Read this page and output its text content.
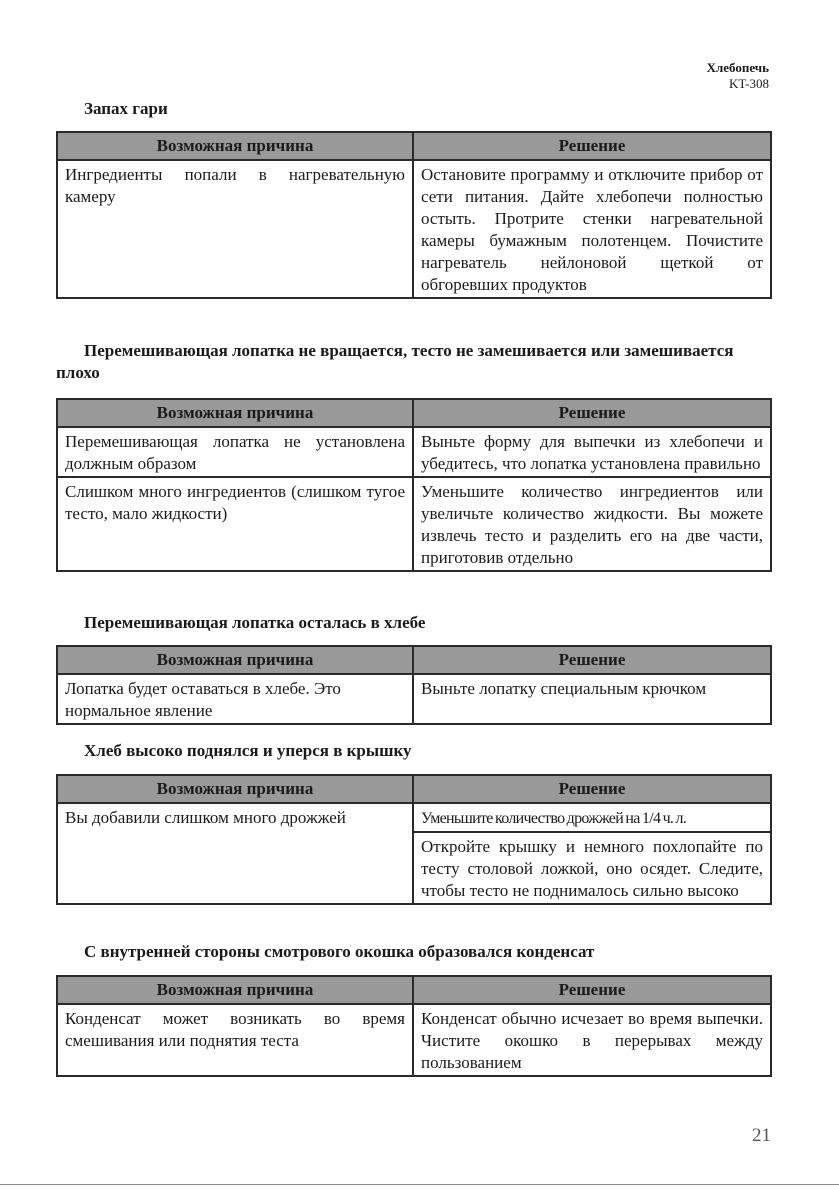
Хлебопечь
KT-308
Запах гари
Возможная причина	Решение
Ингредиенты попали в нагревательную камеру	Остановите программу и отключите прибор от сети питания. Дайте хлебопечи полностью остыть. Протрите стенки нагревательной камеры бумажным полотенцем. Почистите нагреватель нейлоновой щеткой от обгоревших продуктов
Перемешивающая лопатка не вращается, тесто не замешивается или замешивается плохо
Возможная причина	Решение
Перемешивающая лопатка не установлена должным образом	Выньте форму для выпечки из хлебопечи и убедитесь, что лопатка установлена правильно
Слишком много ингредиентов (слишком тугое тесто, мало жидкости)	Уменьшите количество ингредиентов или увеличьте количество жидкости. Вы можете извлечь тесто и разделить его на две части, приготовив отдельно
Перемешивающая лопатка осталась в хлебе
Возможная причина	Решение
Лопатка будет оставаться в хлебе. Это нормальное явление	Выньте лопатку специальным крючком
Хлеб высоко поднялся и уперся в крышку
Возможная причина	Решение
Вы добавили слишком много дрожжей	Уменьшите количество дрожжей на 1/4 ч. л.
	Откройте крышку и немного похлопайте по тесту столовой ложкой, оно осядет. Следите, чтобы тесто не поднималось сильно высоко
С внутренней стороны смотрового окошка образовался конденсат
Возможная причина	Решение
Конденсат может возникать во время смешивания или поднятия теста	Конденсат обычно исчезает во время выпечки. Чистите окошко в перерывах между пользованием
21
